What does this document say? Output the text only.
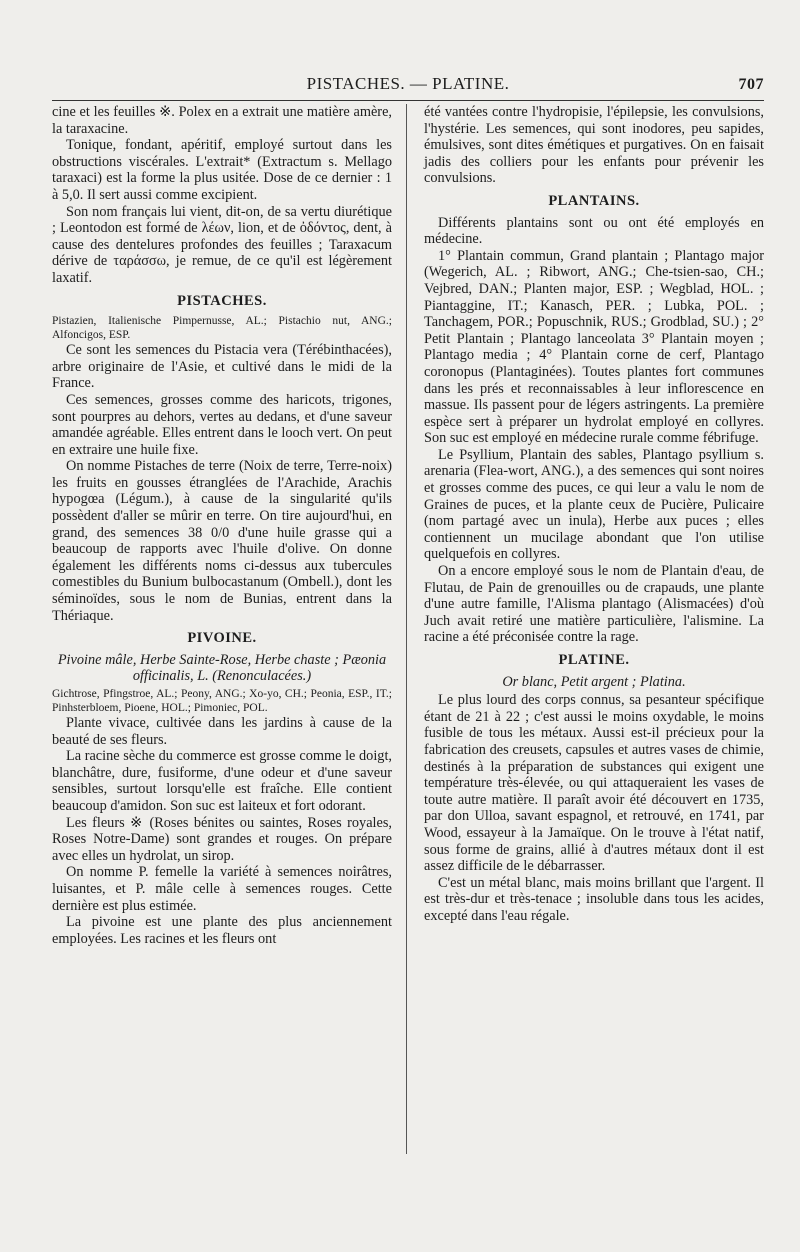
PISTACHES. — PLATINE.	707

cine et les feuilles ※. Polex en a extrait une matière amère, la taraxacine.

Tonique, fondant, apéritif, employé surtout dans les obstructions viscérales. L'extrait* (Extractum s. Mellago taraxaci) est la forme la plus usitée. Dose de ce dernier : 1 à 5,0. Il sert aussi comme excipient.

Son nom français lui vient, dit-on, de sa vertu diurétique ; Leontodon est formé de λέων, lion, et de ὀδόντος, dent, à cause des dentelures profondes des feuilles ; Taraxacum dérive de ταράσσω, je remue, de ce qu'il est légèrement laxatif.

PISTACHES.

Pistazien, Italienische Pimpernusse, AL.; Pistachio nut, ANG.; Alfoncigos, ESP.

Ce sont les semences du Pistacia vera (Térébinthacées), arbre originaire de l'Asie, et cultivé dans le midi de la France.

Ces semences, grosses comme des haricots, trigones, sont pourpres au dehors, vertes au dedans, et d'une saveur amandée agréable. Elles entrent dans le looch vert. On peut en extraire une huile fixe.

On nomme Pistaches de terre (Noix de terre, Terre-noix) les fruits en gousses étranglées de l'Arachide, Arachis hypogœa (Légum.), à cause de la singularité qu'ils possèdent d'aller se mûrir en terre. On tire aujourd'hui, en grand, des semences 38 0/0 d'une huile grasse qui a beaucoup de rapports avec l'huile d'olive. On donne également les différents noms ci-dessus aux tubercules comestibles du Bunium bulbocastanum (Ombell.), dont les séminoïdes, sous le nom de Bunias, entrent dans la Thériaque.

PIVOINE.

Pivoine mâle, Herbe Sainte-Rose, Herbe chaste ; Pæonia officinalis, L. (Renonculacées.)

Gichtrose, Pfingstroe, AL.; Peony, ANG.; Xo-yo, CH.; Peonia, ESP., IT.; Pinhsterbloem, Pioene, HOL.; Pimoniec, POL.

Plante vivace, cultivée dans les jardins à cause de la beauté de ses fleurs.

La racine sèche du commerce est grosse comme le doigt, blanchâtre, dure, fusiforme, d'une odeur et d'une saveur sensibles, surtout lorsqu'elle est fraîche. Elle contient beaucoup d'amidon. Son suc est laiteux et fort odorant.

Les fleurs ※ (Roses bénites ou saintes, Roses royales, Roses Notre-Dame) sont grandes et rouges. On prépare avec elles un hydrolat, un sirop.

On nomme P. femelle la variété à semences noirâtres, luisantes, et P. mâle celle à semences rouges. Cette dernière est plus estimée.

La pivoine est une plante des plus anciennement employées. Les racines et les fleurs ont

été vantées contre l'hydropisie, l'épilepsie, les convulsions, l'hystérie. Les semences, qui sont inodores, peu sapides, émulsives, sont dites émétiques et purgatives. On en faisait jadis des colliers pour les enfants pour prévenir les convulsions.

PLANTAINS.

Différents plantains sont ou ont été employés en médecine.

1° Plantain commun, Grand plantain ; Plantago major (Wegerich, AL. ; Ribwort, ANG.; Che-tsien-sao, CH.; Vejbred, DAN.; Planten major, ESP. ; Wegblad, HOL. ; Piantaggine, IT.; Kanasch, PER. ; Lubka, POL. ; Tanchagem, POR.; Popuschnik, RUS.; Grodblad, SU.) ; 2° Petit Plantain ; Plantago lanceolata 3° Plantain moyen ; Plantago media ; 4° Plantain corne de cerf, Plantago coronopus (Plantaginées). Toutes plantes fort communes dans les prés et reconnaissables à leur inflorescence en massue. Ils passent pour de légers astringents. La première espèce sert à préparer un hydrolat employé en collyres. Son suc est employé en médecine rurale comme fébrifuge.

Le Psyllium, Plantain des sables, Plantago psyllium s. arenaria (Flea-wort, ANG.), a des semences qui sont noires et grosses comme des puces, ce qui leur a valu le nom de Graines de puces, et la plante ceux de Pucière, Pulicaire (nom partagé avec un inula), Herbe aux puces ; elles contiennent un mucilage abondant que l'on utilise quelquefois en collyres.

On a encore employé sous le nom de Plantain d'eau, de Flutau, de Pain de grenouilles ou de crapauds, une plante d'une autre famille, l'Alisma plantago (Alismacées) d'où Juch avait retiré une matière particulière, l'alismine. La racine a été préconisée contre la rage.

PLATINE.

Or blanc, Petit argent ; Platina.

Le plus lourd des corps connus, sa pesanteur spécifique étant de 21 à 22 ; c'est aussi le moins oxydable, le moins fusible de tous les métaux. Aussi est-il précieux pour la fabrication des creusets, capsules et autres vases de chimie, destinés à la préparation de substances qui exigent une température très-élevée, ou qui attaqueraient les vases de toute autre matière. Il paraît avoir été découvert en 1735, par don Ulloa, savant espagnol, et retrouvé, en 1741, par Wood, essayeur à la Jamaïque. On le trouve à l'état natif, sous forme de grains, allié à d'autres métaux dont il est assez difficile de le débarrasser.

C'est un métal blanc, mais moins brillant que l'argent. Il est très-dur et très-tenace ; insoluble dans tous les acides, excepté dans l'eau régale.
